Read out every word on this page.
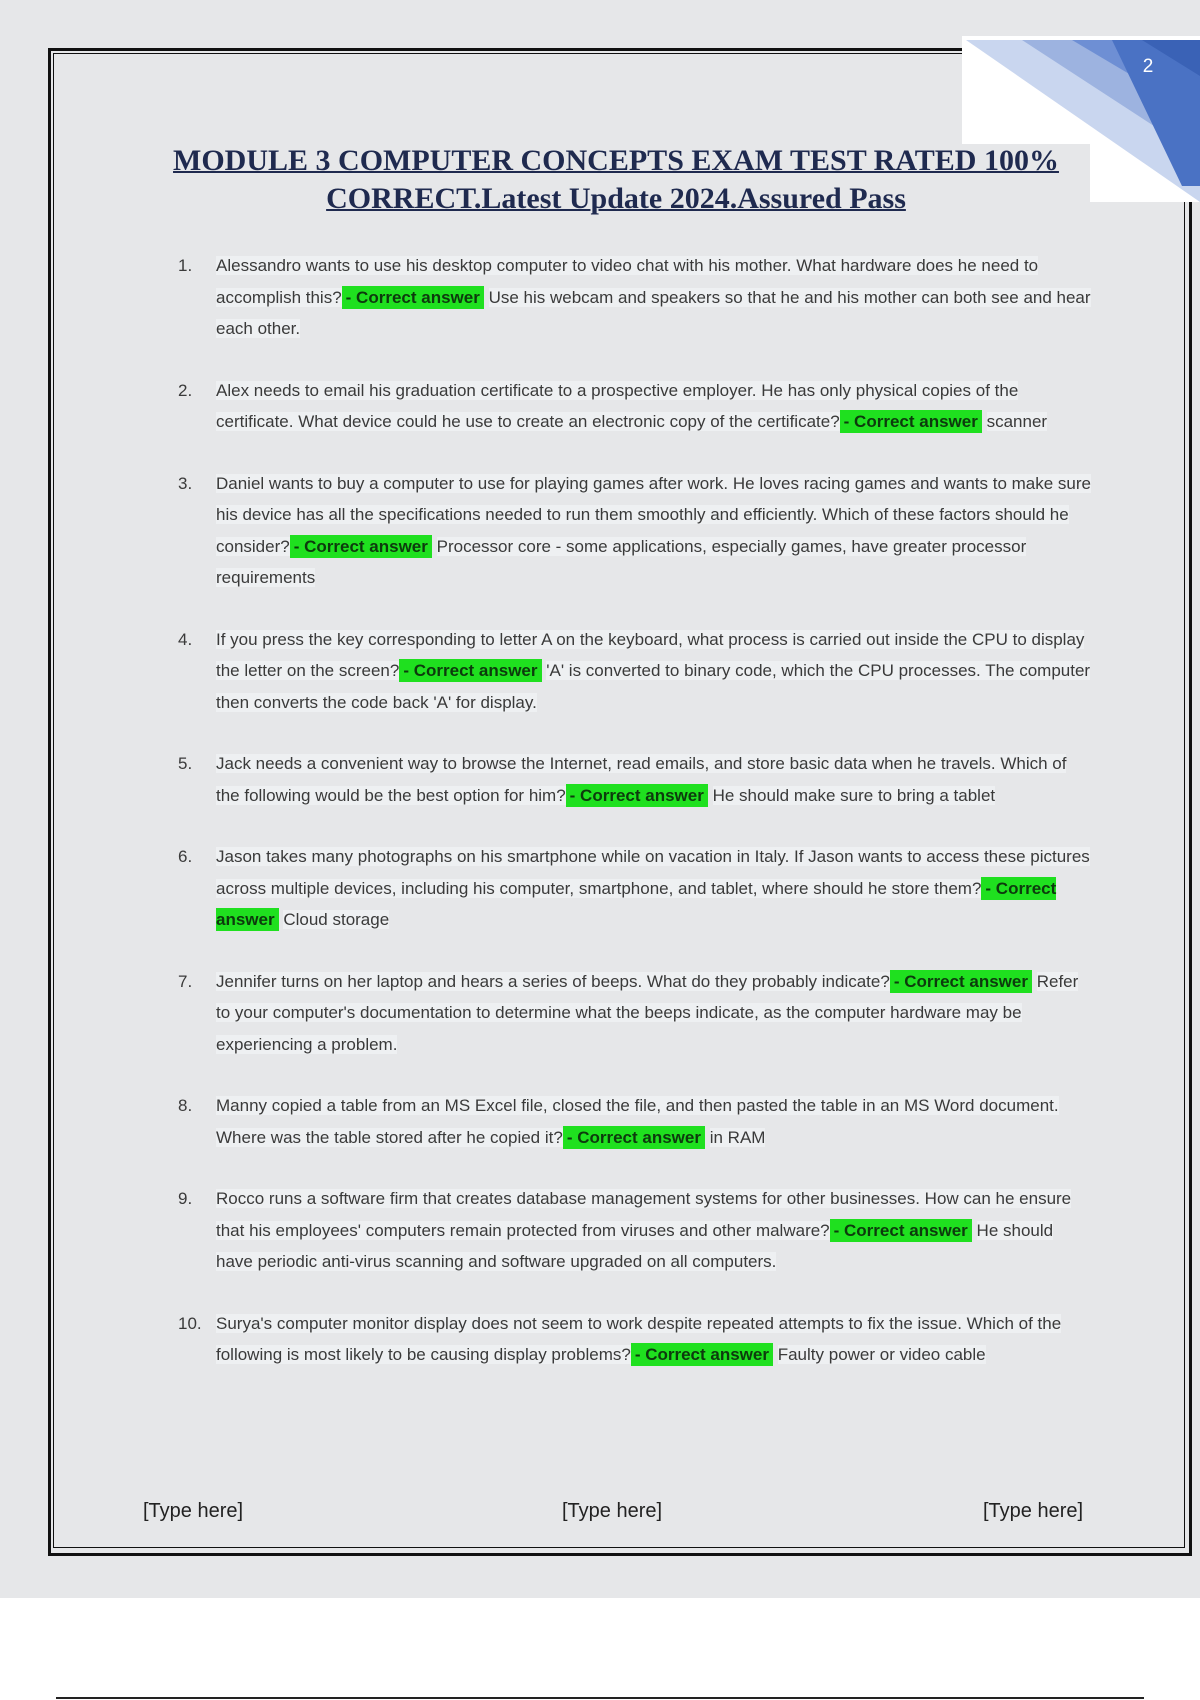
2
MODULE 3 COMPUTER CONCEPTS EXAM TEST RATED 100% CORRECT.Latest Update 2024.Assured Pass
1. Alessandro wants to use his desktop computer to video chat with his mother. What hardware does he need to accomplish this? - Correct answer Use his webcam and speakers so that he and his mother can both see and hear each other.
2. Alex needs to email his graduation certificate to a prospective employer. He has only physical copies of the certificate. What device could he use to create an electronic copy of the certificate? - Correct answer scanner
3. Daniel wants to buy a computer to use for playing games after work. He loves racing games and wants to make sure his device has all the specifications needed to run them smoothly and efficiently. Which of these factors should he consider? - Correct answer Processor core - some applications, especially games, have greater processor requirements
4. If you press the key corresponding to letter A on the keyboard, what process is carried out inside the CPU to display the letter on the screen? - Correct answer 'A' is converted to binary code, which the CPU processes. The computer then converts the code back 'A' for display.
5. Jack needs a convenient way to browse the Internet, read emails, and store basic data when he travels. Which of the following would be the best option for him? - Correct answer He should make sure to bring a tablet
6. Jason takes many photographs on his smartphone while on vacation in Italy. If Jason wants to access these pictures across multiple devices, including his computer, smartphone, and tablet, where should he store them? - Correct answer Cloud storage
7. Jennifer turns on her laptop and hears a series of beeps. What do they probably indicate? - Correct answer Refer to your computer's documentation to determine what the beeps indicate, as the computer hardware may be experiencing a problem.
8. Manny copied a table from an MS Excel file, closed the file, and then pasted the table in an MS Word document. Where was the table stored after he copied it? - Correct answer in RAM
9. Rocco runs a software firm that creates database management systems for other businesses. How can he ensure that his employees' computers remain protected from viruses and other malware? - Correct answer He should have periodic anti-virus scanning and software upgraded on all computers.
10. Surya's computer monitor display does not seem to work despite repeated attempts to fix the issue. Which of the following is most likely to be causing display problems? - Correct answer Faulty power or video cable
[Type here]	[Type here]	[Type here]
